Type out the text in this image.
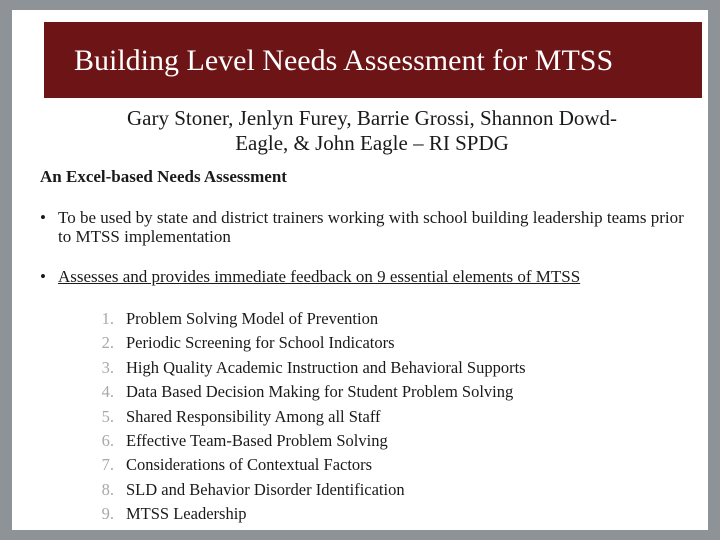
Building Level Needs Assessment for MTSS
Gary Stoner, Jenlyn Furey, Barrie Grossi, Shannon Dowd-
Eagle, & John Eagle – RI SPDG
An Excel-based Needs Assessment
• To be used by state and district trainers working with school building leadership teams prior to MTSS implementation
• Assesses and provides immediate feedback on 9 essential elements of MTSS
1. Problem Solving Model of Prevention
2. Periodic Screening for School Indicators
3. High Quality Academic Instruction and Behavioral Supports
4. Data Based Decision Making for Student Problem Solving
5. Shared Responsibility Among all Staff
6. Effective Team-Based Problem Solving
7. Considerations of Contextual Factors
8. SLD and Behavior Disorder Identification
9. MTSS Leadership
